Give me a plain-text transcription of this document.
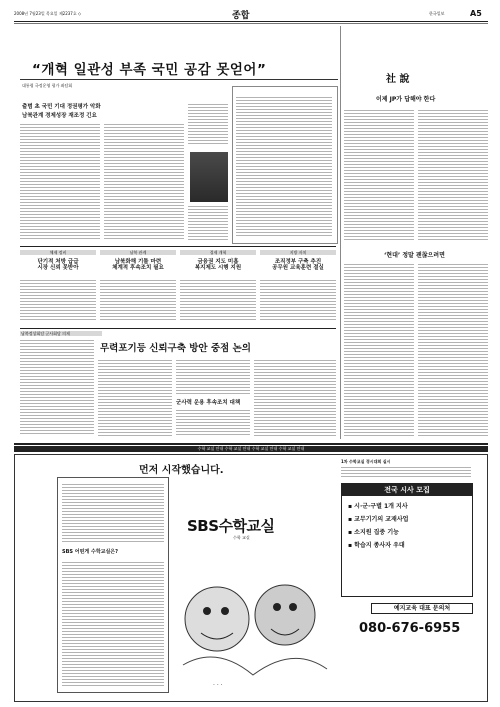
2008년 7월23일 목요일 제2237호 ◇	종합	한국일보	A5
“개혁 일관성 부족 국민 공감 못얻어”
대통령 국정운영 평가 좌담회
출범 초 국민 기대 정권평가 악화
남북관계 경제성장 재조정 긴요
社 說
이제 JP가 답해야 한다
체제 정비
단기적 처방 급급
시장 신뢰 못받아
남북 관계
남북화해 기틀 마련
체계적 후속조치 필요
경제 개혁
금융권 지도 미흡
복지제도 시행 지원
지방 자치
조직정부 구축 추진
공무원 교육훈련 절실
‘현대’ 정말 괜찮으려면
남북정상회담 군사회담 의제
무력포기등 신뢰구축 방안 중점 논의
군사력 운용 후속조치 대책
수학 교실 안내 수학 교실 안내 수학 교실 안내 수학 교실 안내
먼저 시작했습니다.
SBS 어떤게 수학교실은?
SBS수학교실
수학 교실
· · ·
1차 수학교실 경시대회 실시
전국 시사 모집
▪ 시·군·구별 1개 지사
▪ 교무기기의 교재사업
▪ 소지원 집중 기능
▪ 학습지 종사자 우대
예지교육 대표 문의처
080-676-6955
